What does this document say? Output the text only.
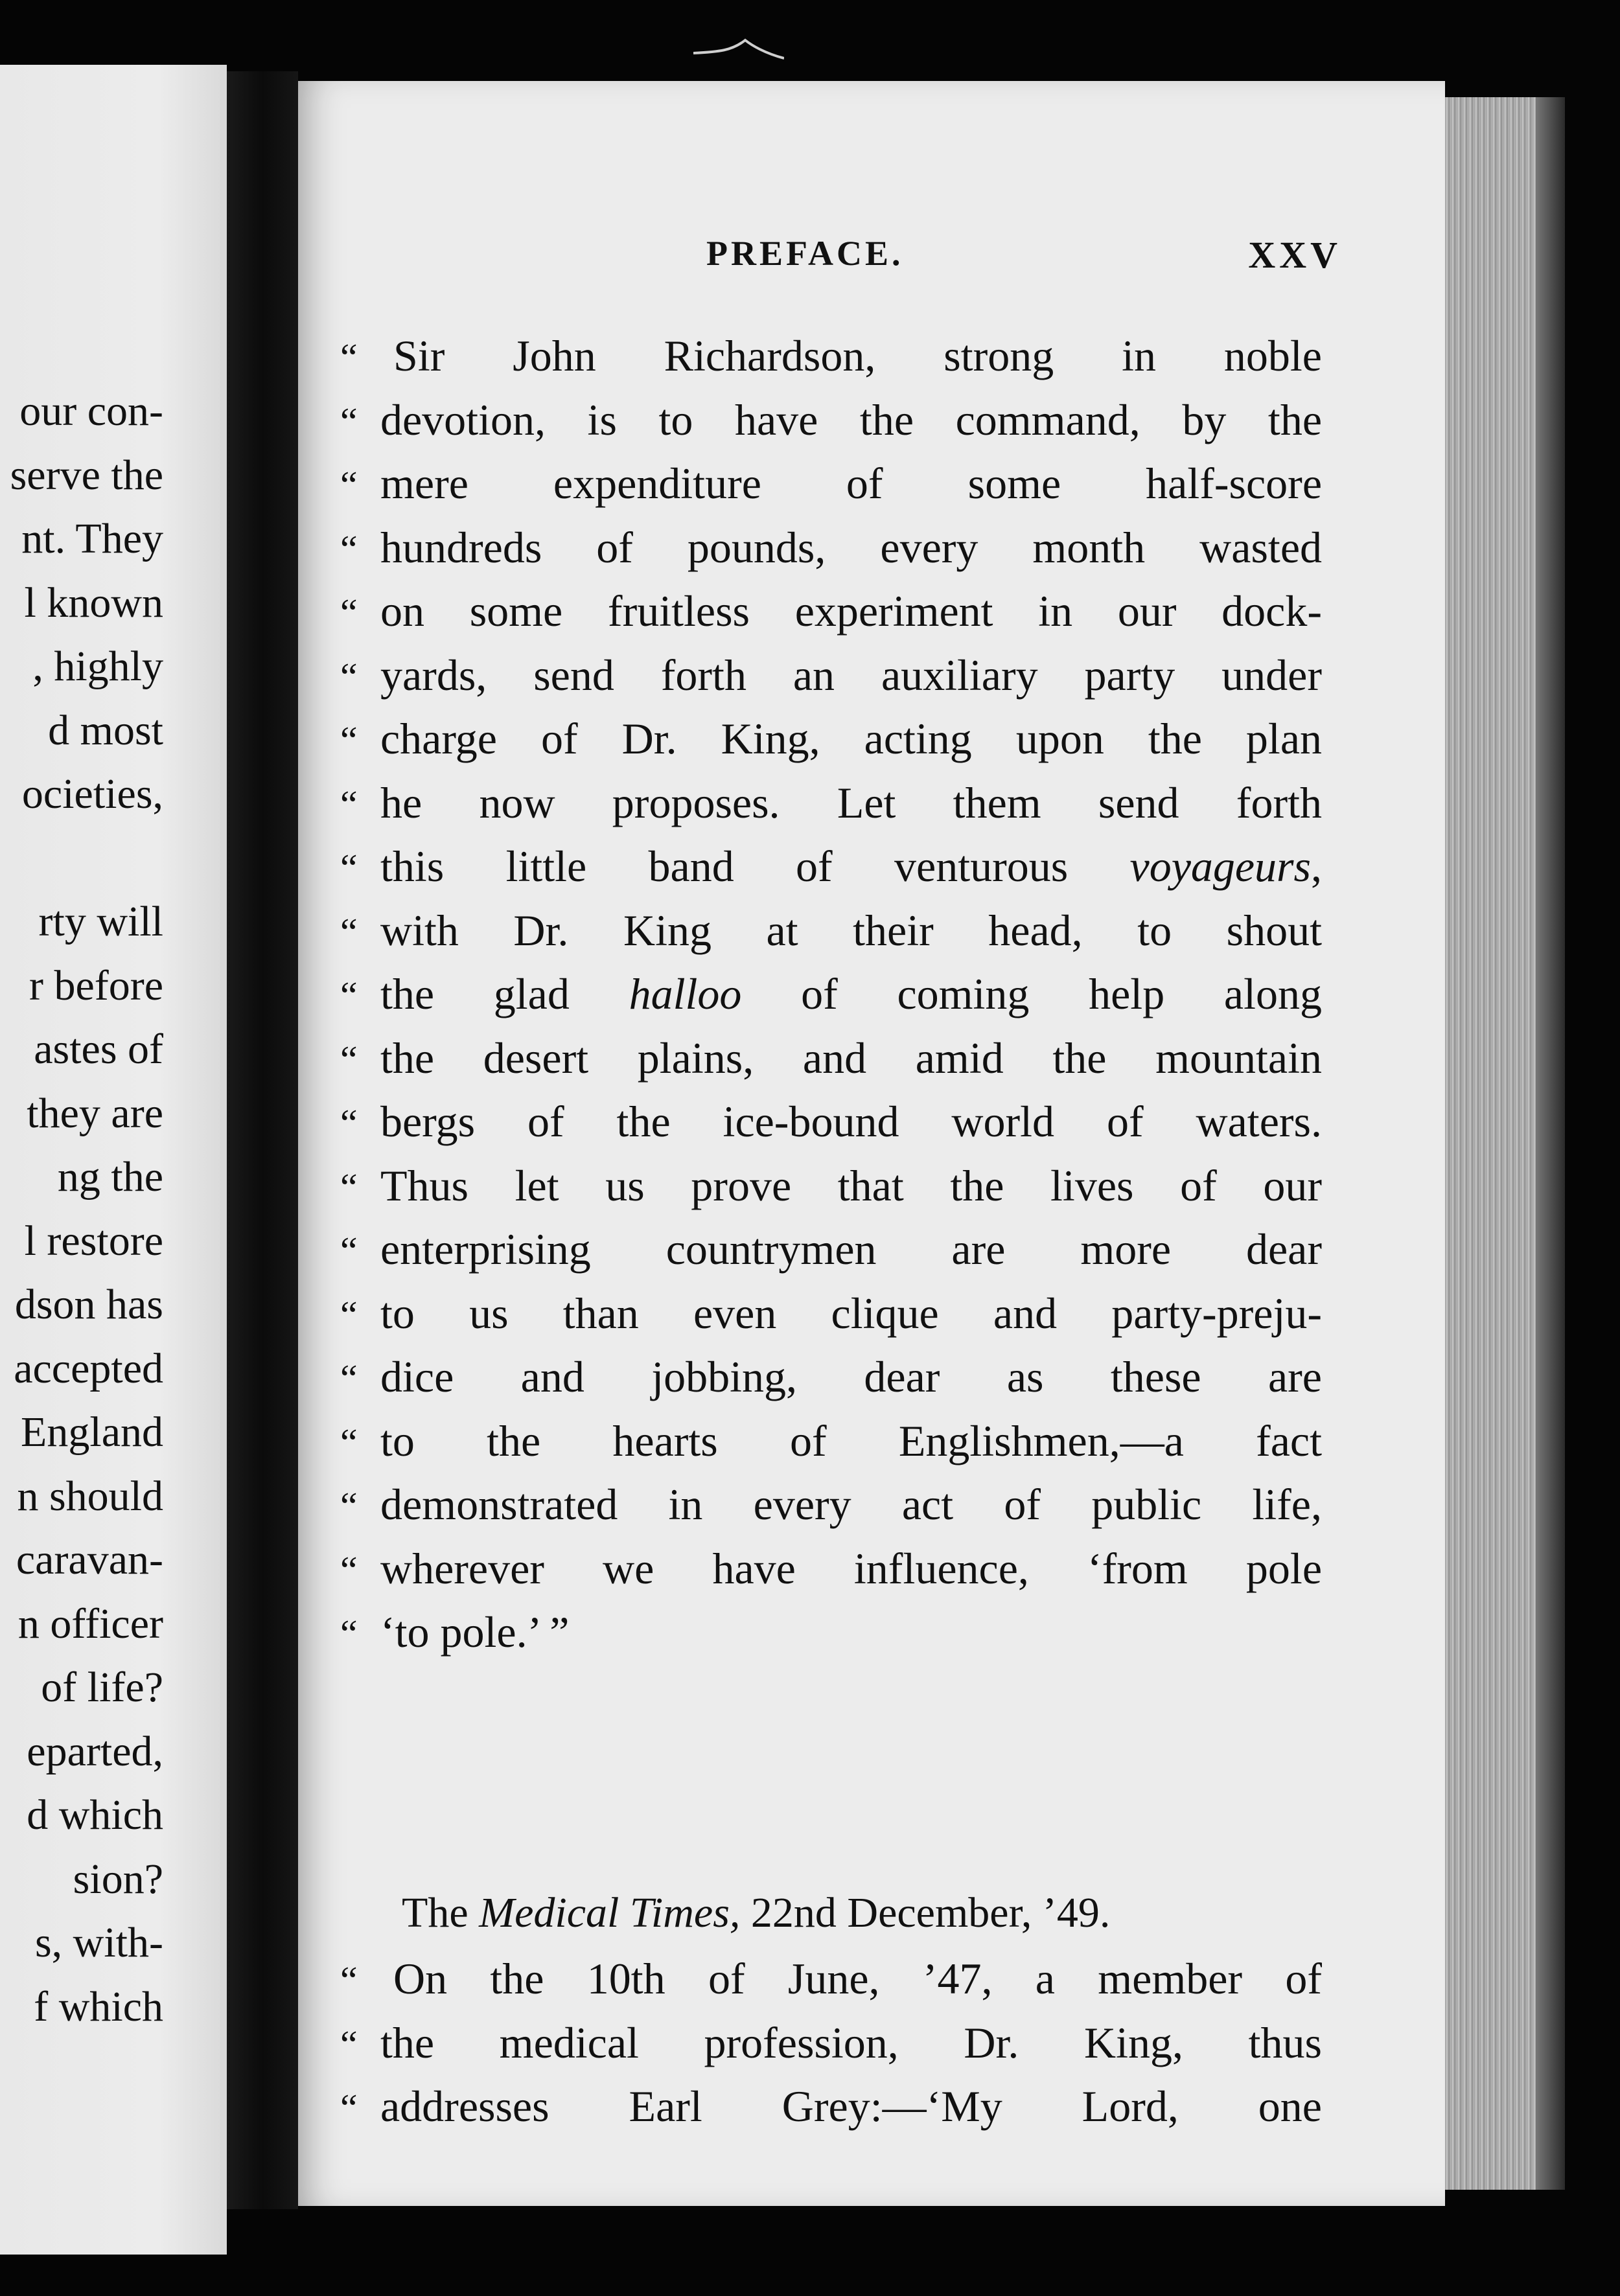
our con-
serve the
nt. They
l known
, highly
d most
ocieties,
rty will
r before
astes of
they are
ng the
l restore
dson has
accepted
England
n should
caravan-
n officer
of life?
eparted,
d which
sion?
s, with-
f which
PREFACE.	XXV
“ Sir John Richardson, strong in noble
“ devotion, is to have the command, by the
“ mere expenditure of some half-score
“ hundreds of pounds, every month wasted
“ on some fruitless experiment in our dock-
“ yards, send forth an auxiliary party under
“ charge of Dr. King, acting upon the plan
“ he now proposes. Let them send forth
“ this little band of venturous voyageurs,
“ with Dr. King at their head, to shout
“ the glad halloo of coming help along
“ the desert plains, and amid the mountain
“ bergs of the ice-bound world of waters.
“ Thus let us prove that the lives of our
“ enterprising countrymen are more dear
“ to us than even clique and party-preju-
“ dice and jobbing, dear as these are
“ to the hearts of Englishmen,—a fact
“ demonstrated in every act of public life,
“ wherever we have influence, ‘from pole
“ ‘to pole.’ ”
The Medical Times, 22nd December, ’49.
“ On the 10th of June, ’47, a member of
“ the medical profession, Dr. King, thus
“ addresses Earl Grey:—‘My Lord, one
